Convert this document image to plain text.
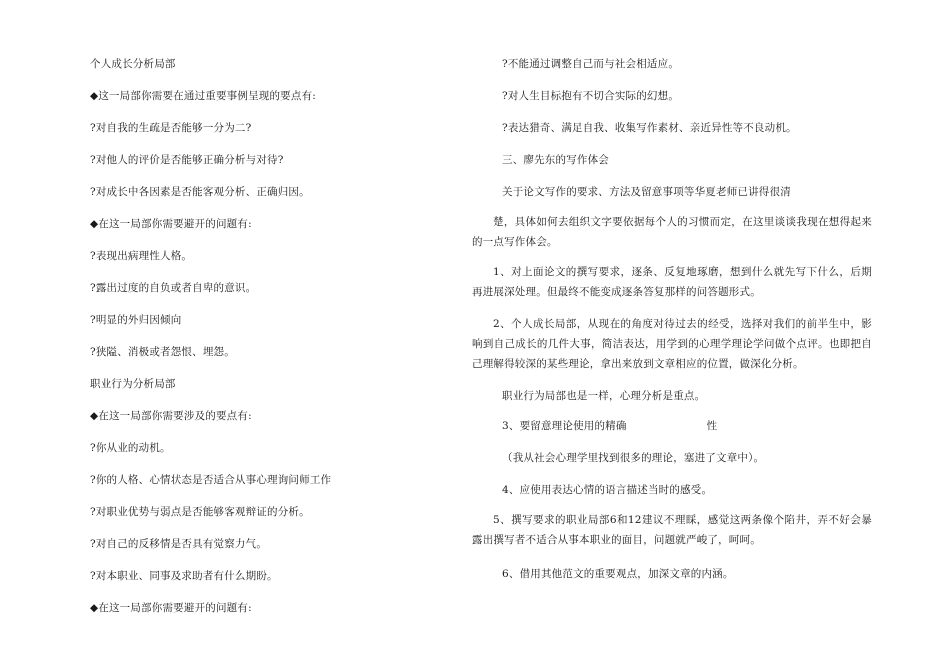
个人成长分析局部
◆这一局部你需要在通过重要事例呈现的要点有:
?对自我的生疏是否能够一分为二?
?对他人的评价是否能够正确分析与对待?
?对成长中各因素是否能客观分析、正确归因。
◆在这一局部你需要避开的问题有:
?表现出病理性人格。
?露出过度的自负或者自卑的意识。
?明显的外归因倾向
?狭隘、消极或者怨恨、埋怨。
职业行为分析局部
◆在这一局部你需要涉及的要点有:
?你从业的动机。
?你的人格、心情状态是否适合从事心理询问师工作
?对职业优势与弱点是否能够客观辩证的分析。
?对自己的反移情是否具有觉察力气。
?对本职业、同事及求助者有什么期盼。
◆在这一局部你需要避开的问题有:
?不能通过调整自己而与社会相适应。
?对人生目标抱有不切合实际的幻想。
?表达猎奇、满足自我、收集写作素材、亲近异性等不良动机。
三、廖先东的写作体会
关于论文写作的要求、方法及留意事项等华夏老师已讲得很清
楚，具体如何去组织文字要依据每个人的习惯而定，在这里谈谈我现在想得起来的一点写作体会。
1、对上面论文的撰写要求，逐条、反复地琢磨，想到什么就先写下什么，后期再进展深处理。但最终不能变成逐条答复那样的问答题形式。
2、个人成长局部，从现在的角度对待过去的经受，选择对我们的前半生中，影响到自己成长的几件大事，简洁表达，用学到的心理学理论学问做个点评。也即把自己理解得较深的某些理论，拿出来放到文章相应的位置，做深化分析。
职业行为局部也是一样，心理分析是重点。
3、要留意理论使用的精确	性
（我从社会心理学里找到很多的理论，塞进了文章中）。
4、应使用表达心情的语言描述当时的感受。
5、撰写要求的职业局部6和12建议不理睬，感觉这两条像个陷井，弄不好会暴露出撰写者不适合从事本职业的面目，问题就严峻了，呵呵。
6、借用其他范文的重要观点，加深文章的内涵。
